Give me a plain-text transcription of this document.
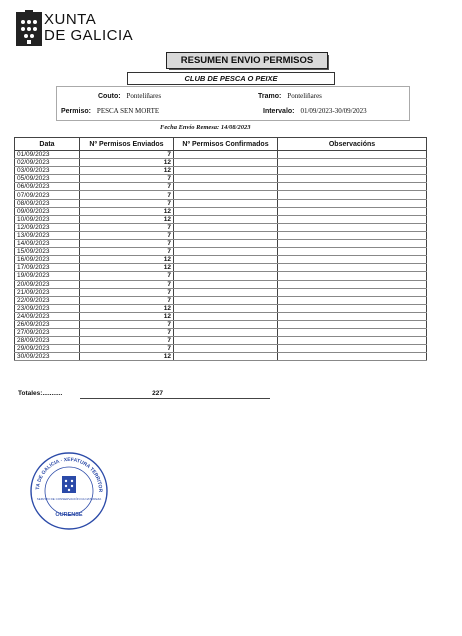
XUNTA
DE GALICIA
RESUMEN ENVIO PERMISOS
CLUB DE PESCA O PEIXE
Couto: Ponteliñares	Tramo: Ponteliñares
Permiso: PESCA SEN MORTE	Intervalo: 01/09/2023-30/09/2023
Fecha Envío Remesa: 14/08/2023
Data	Nº Permisos Enviados	Nº Permisos Confirmados	Observacións
01/09/2023	7		
02/09/2023	12		
03/09/2023	12		
05/09/2023	7		
06/09/2023	7		
07/09/2023	7		
08/09/2023	7		
09/09/2023	12		
10/09/2023	12		
12/09/2023	7		
13/09/2023	7		
14/09/2023	7		
15/09/2023	7		
16/09/2023	12		
17/09/2023	12		
19/09/2023	7		
20/09/2023	7		
21/09/2023	7		
22/09/2023	7		
23/09/2023	12		
24/09/2023	12		
26/09/2023	7		
27/09/2023	7		
28/09/2023	7		
29/09/2023	7		
30/09/2023	12		
Totales:...........	227
TA DE GALICIA · XEFATURA TERRITOR
SERVIZO DE CONSERVACIÓN DA NATUREZA
OURENSE
